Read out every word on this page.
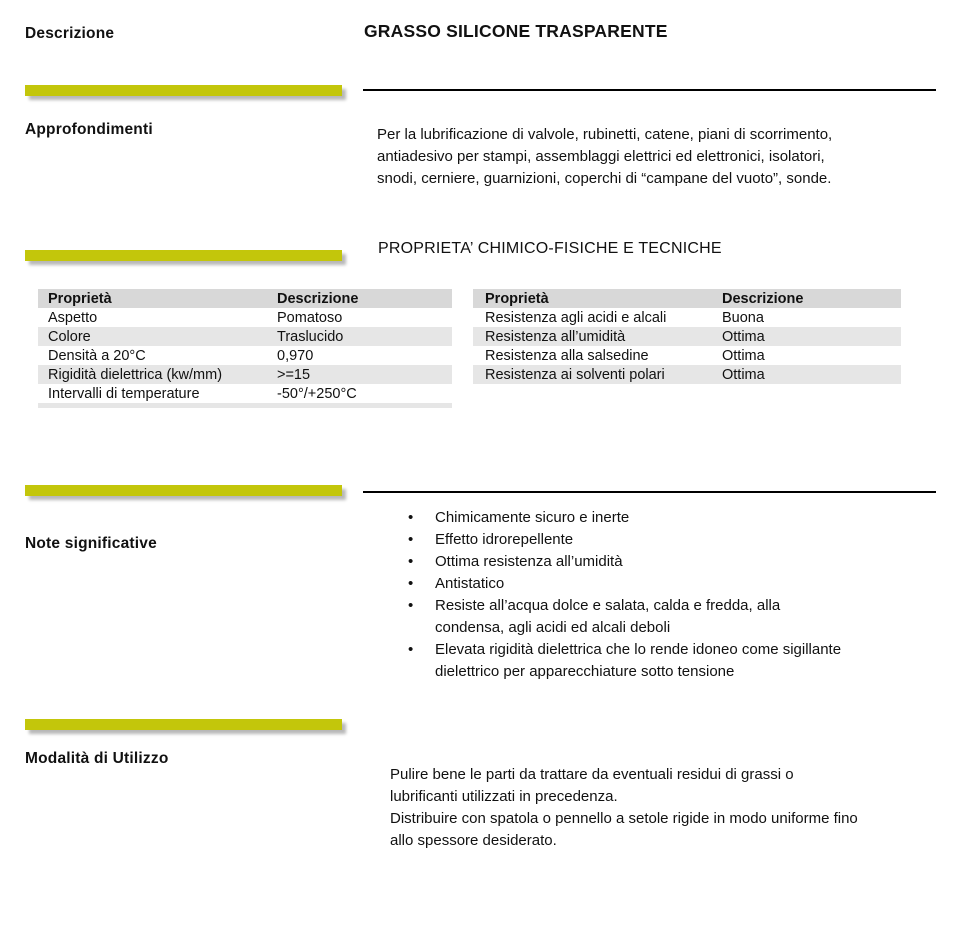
Descrizione	GRASSO SILICONE TRASPARENTE
Approfondimenti	Per la lubrificazione di valvole, rubinetti, catene, piani di scorrimento, antiadesivo per stampi, assemblaggi elettrici ed elettronici, isolatori, snodi, cerniere, guarnizioni, coperchi di “campane del vuoto”, sonde.
PROPRIETA’ CHIMICO-FISICHE E TECNICHE
Proprietà	Descrizione
Aspetto	Pomatoso
Colore	Traslucido
Densità a 20°C	0,970
Rigidità dielettrica (kw/mm)	>=15
Intervalli di temperature	-50°/+250°C
Proprietà	Descrizione
Resistenza agli acidi e alcali	Buona
Resistenza all’umidità	Ottima
Resistenza alla salsedine	Ottima
Resistenza ai solventi polari	Ottima
Note significative
• Chimicamente sicuro e inerte
• Effetto idrorepellente
• Ottima resistenza all’umidità
• Antistatico
• Resiste all’acqua dolce e salata, calda e fredda, alla condensa, agli acidi ed alcali deboli
• Elevata rigidità dielettrica che lo rende idoneo come sigillante dielettrico per apparecchiature sotto tensione
Modalità di Utilizzo
Pulire bene le parti da trattare da eventuali residui di grassi o lubrificanti utilizzati in precedenza.
Distribuire con spatola o pennello a setole rigide in modo uniforme fino allo spessore desiderato.
